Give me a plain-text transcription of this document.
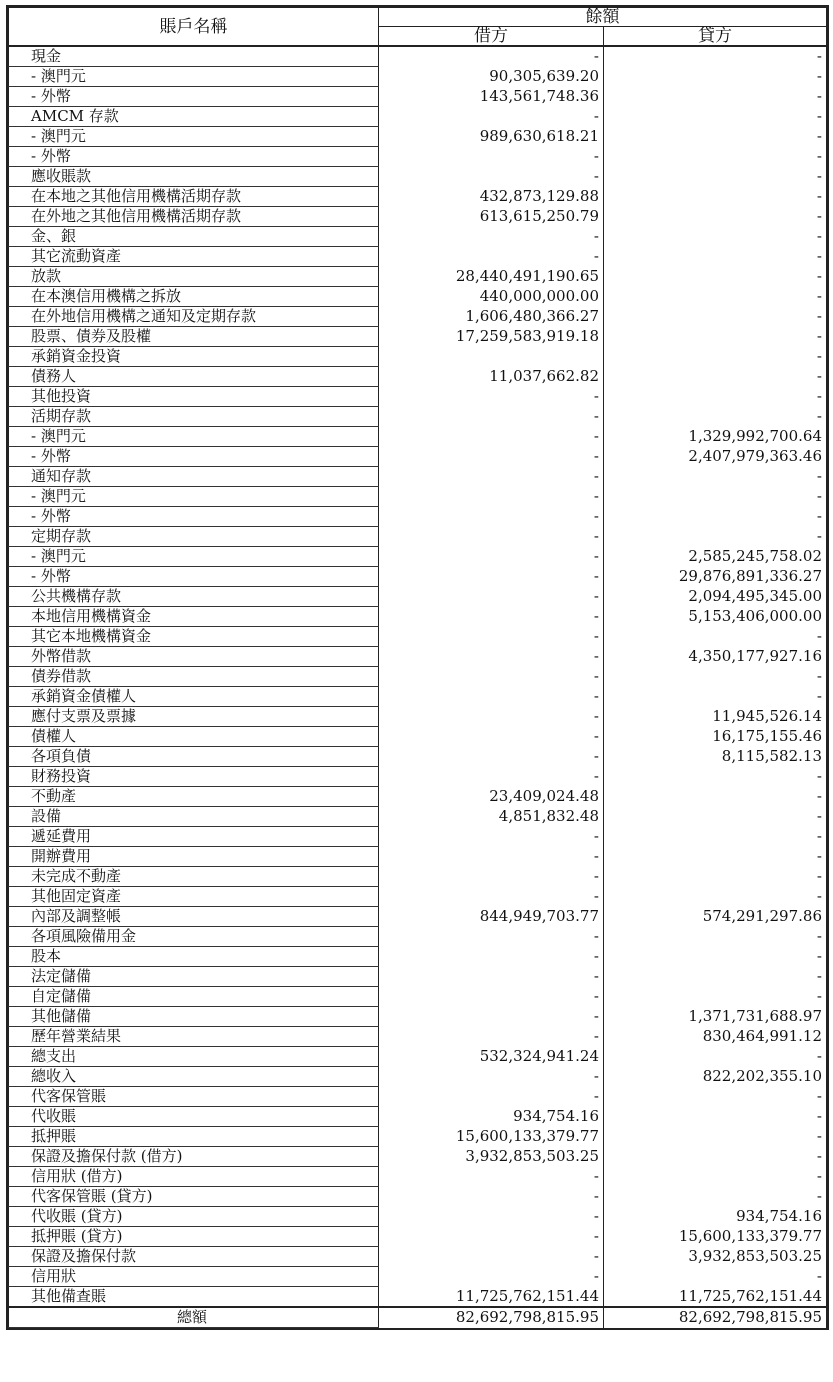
賬戶名稱	餘額	
	借方	貸方
現金	-	-
- 澳門元	90,305,639.20	-
- 外幣	143,561,748.36	-
AMCM 存款	-	-
- 澳門元	989,630,618.21	-
- 外幣	-	-
應收賬款	-	-
在本地之其他信用機構活期存款	432,873,129.88	-
在外地之其他信用機構活期存款	613,615,250.79	-
金、銀	-	-
其它流動資產	-	-
放款	28,440,491,190.65	-
在本澳信用機構之拆放	440,000,000.00	-
在外地信用機構之通知及定期存款	1,606,480,366.27	-
股票、債券及股權	17,259,583,919.18	-
承銷資金投資		-
債務人	11,037,662.82	-
其他投資	-	-
活期存款	-	-
- 澳門元	-	1,329,992,700.64
- 外幣	-	2,407,979,363.46
通知存款	-	-
- 澳門元	-	-
- 外幣	-	-
定期存款	-	-
- 澳門元	-	2,585,245,758.02
- 外幣	-	29,876,891,336.27
公共機構存款	-	2,094,495,345.00
本地信用機構資金	-	5,153,406,000.00
其它本地機構資金	-	-
外幣借款	-	4,350,177,927.16
債券借款	-	-
承銷資金債權人	-	-
應付支票及票據	-	11,945,526.14
債權人	-	16,175,155.46
各項負債	-	8,115,582.13
財務投資	-	-
不動產	23,409,024.48	-
設備	4,851,832.48	-
遞延費用	-	-
開辦費用	-	-
未完成不動產	-	-
其他固定資產	-	-
內部及調整帳	844,949,703.77	574,291,297.86
各項風險備用金	-	-
股本	-	-
法定儲備	-	-
自定儲備	-	-
其他儲備	-	1,371,731,688.97
歷年營業結果	-	830,464,991.12
總支出	532,324,941.24	-
總收入	-	822,202,355.10
代客保管賬	-	-
代收賬	934,754.16	-
抵押賬	15,600,133,379.77	-
保證及擔保付款 (借方)	3,932,853,503.25	-
信用狀 (借方)	-	-
代客保管賬 (貸方)	-	-
代收賬 (貸方)	-	934,754.16
抵押賬 (貸方)	-	15,600,133,379.77
保證及擔保付款	-	3,932,853,503.25
信用狀	-	-
其他備查賬	11,725,762,151.44	11,725,762,151.44
總額	82,692,798,815.95	82,692,798,815.95
